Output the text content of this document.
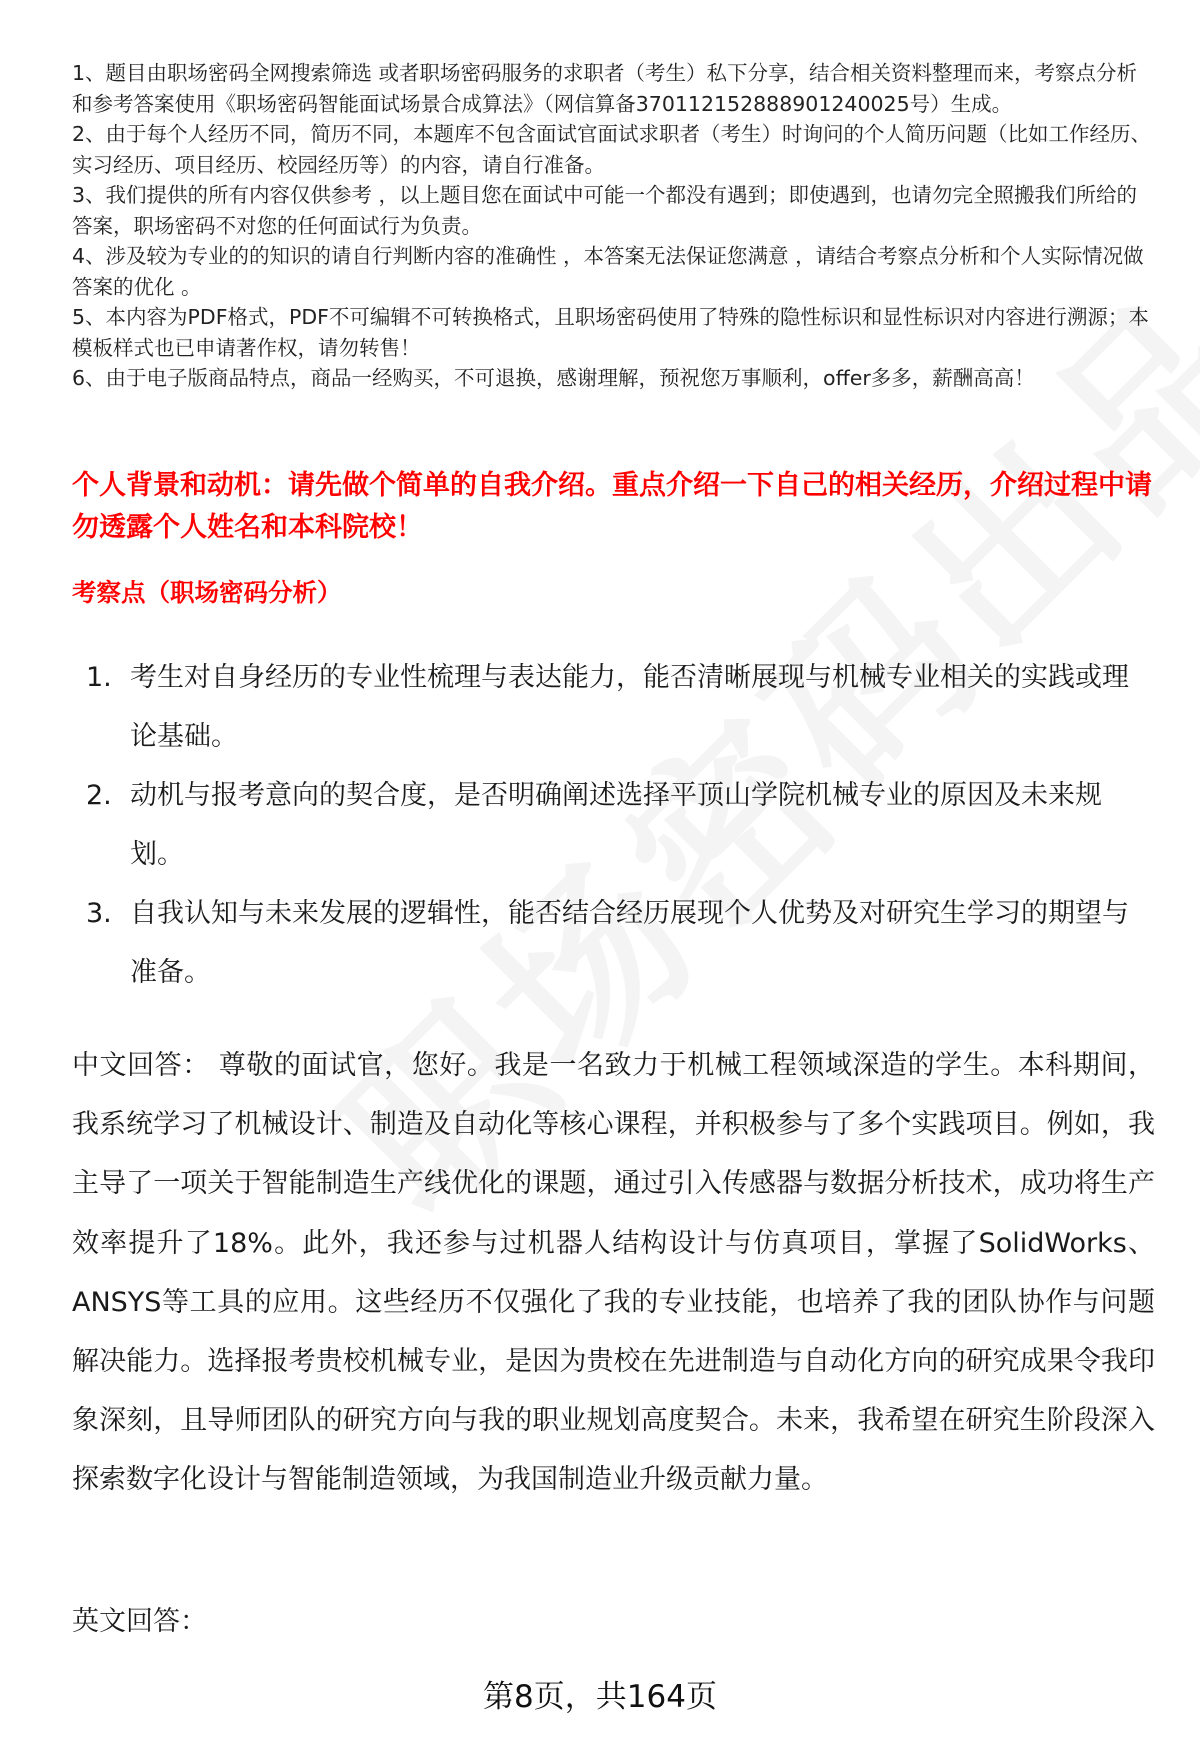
1、题目由职场密码全网搜索筛选 或者职场密码服务的求职者（考生）私下分享，结合相关资料整理而来，考察点分析和参考答案使用《职场密码智能面试场景合成算法》（网信算备370112152888901240025号）生成。

2、由于每个人经历不同，简历不同，本题库不包含面试官面试求职者（考生）时询问的个人简历问题（比如工作经历、实习经历、项目经历、校园经历等）的内容，请自行准备。

3、我们提供的所有内容仅供参考 ，以上题目您在面试中可能一个都没有遇到；即使遇到，也请勿完全照搬我们所给的答案，职场密码不对您的任何面试行为负责。

4、涉及较为专业的的知识的请自行判断内容的准确性 ，本答案无法保证您满意 ，请结合考察点分析和个人实际情况做答案的优化 。

5、本内容为PDF格式，PDF不可编辑不可转换格式，且职场密码使用了特殊的隐性标识和显性标识对内容进行溯源；本模板样式也已申请著作权，请勿转售！

6、由于电子版商品特点，商品一经购买，不可退换，感谢理解，预祝您万事顺利，offer多多，薪酬高高！

个人背景和动机：请先做个简单的自我介绍。重点介绍一下自己的相关经历，介绍过程中请勿透露个人姓名和本科院校！

考察点（职场密码分析）

1. 考生对自身经历的专业性梳理与表达能力，能否清晰展现与机械专业相关的实践或理论基础。
2. 动机与报考意向的契合度，是否明确阐述选择平顶山学院机械专业的原因及未来规划。
3. 自我认知与未来发展的逻辑性，能否结合经历展现个人优势及对研究生学习的期望与准备。

中文回答： 尊敬的面试官，您好。我是一名致力于机械工程领域深造的学生。本科期间，我系统学习了机械设计、制造及自动化等核心课程，并积极参与了多个实践项目。例如，我主导了一项关于智能制造生产线优化的课题，通过引入传感器与数据分析技术，成功将生产效率提升了18%。此外，我还参与过机器人结构设计与仿真项目，掌握了SolidWorks、ANSYS等工具的应用。这些经历不仅强化了我的专业技能，也培养了我的团队协作与问题解决能力。选择报考贵校机械专业，是因为贵校在先进制造与自动化方向的研究成果令我印象深刻，且导师团队的研究方向与我的职业规划高度契合。未来，我希望在研究生阶段深入探索数字化设计与智能制造领域，为我国制造业升级贡献力量。

英文回答：

第8页，共164页
